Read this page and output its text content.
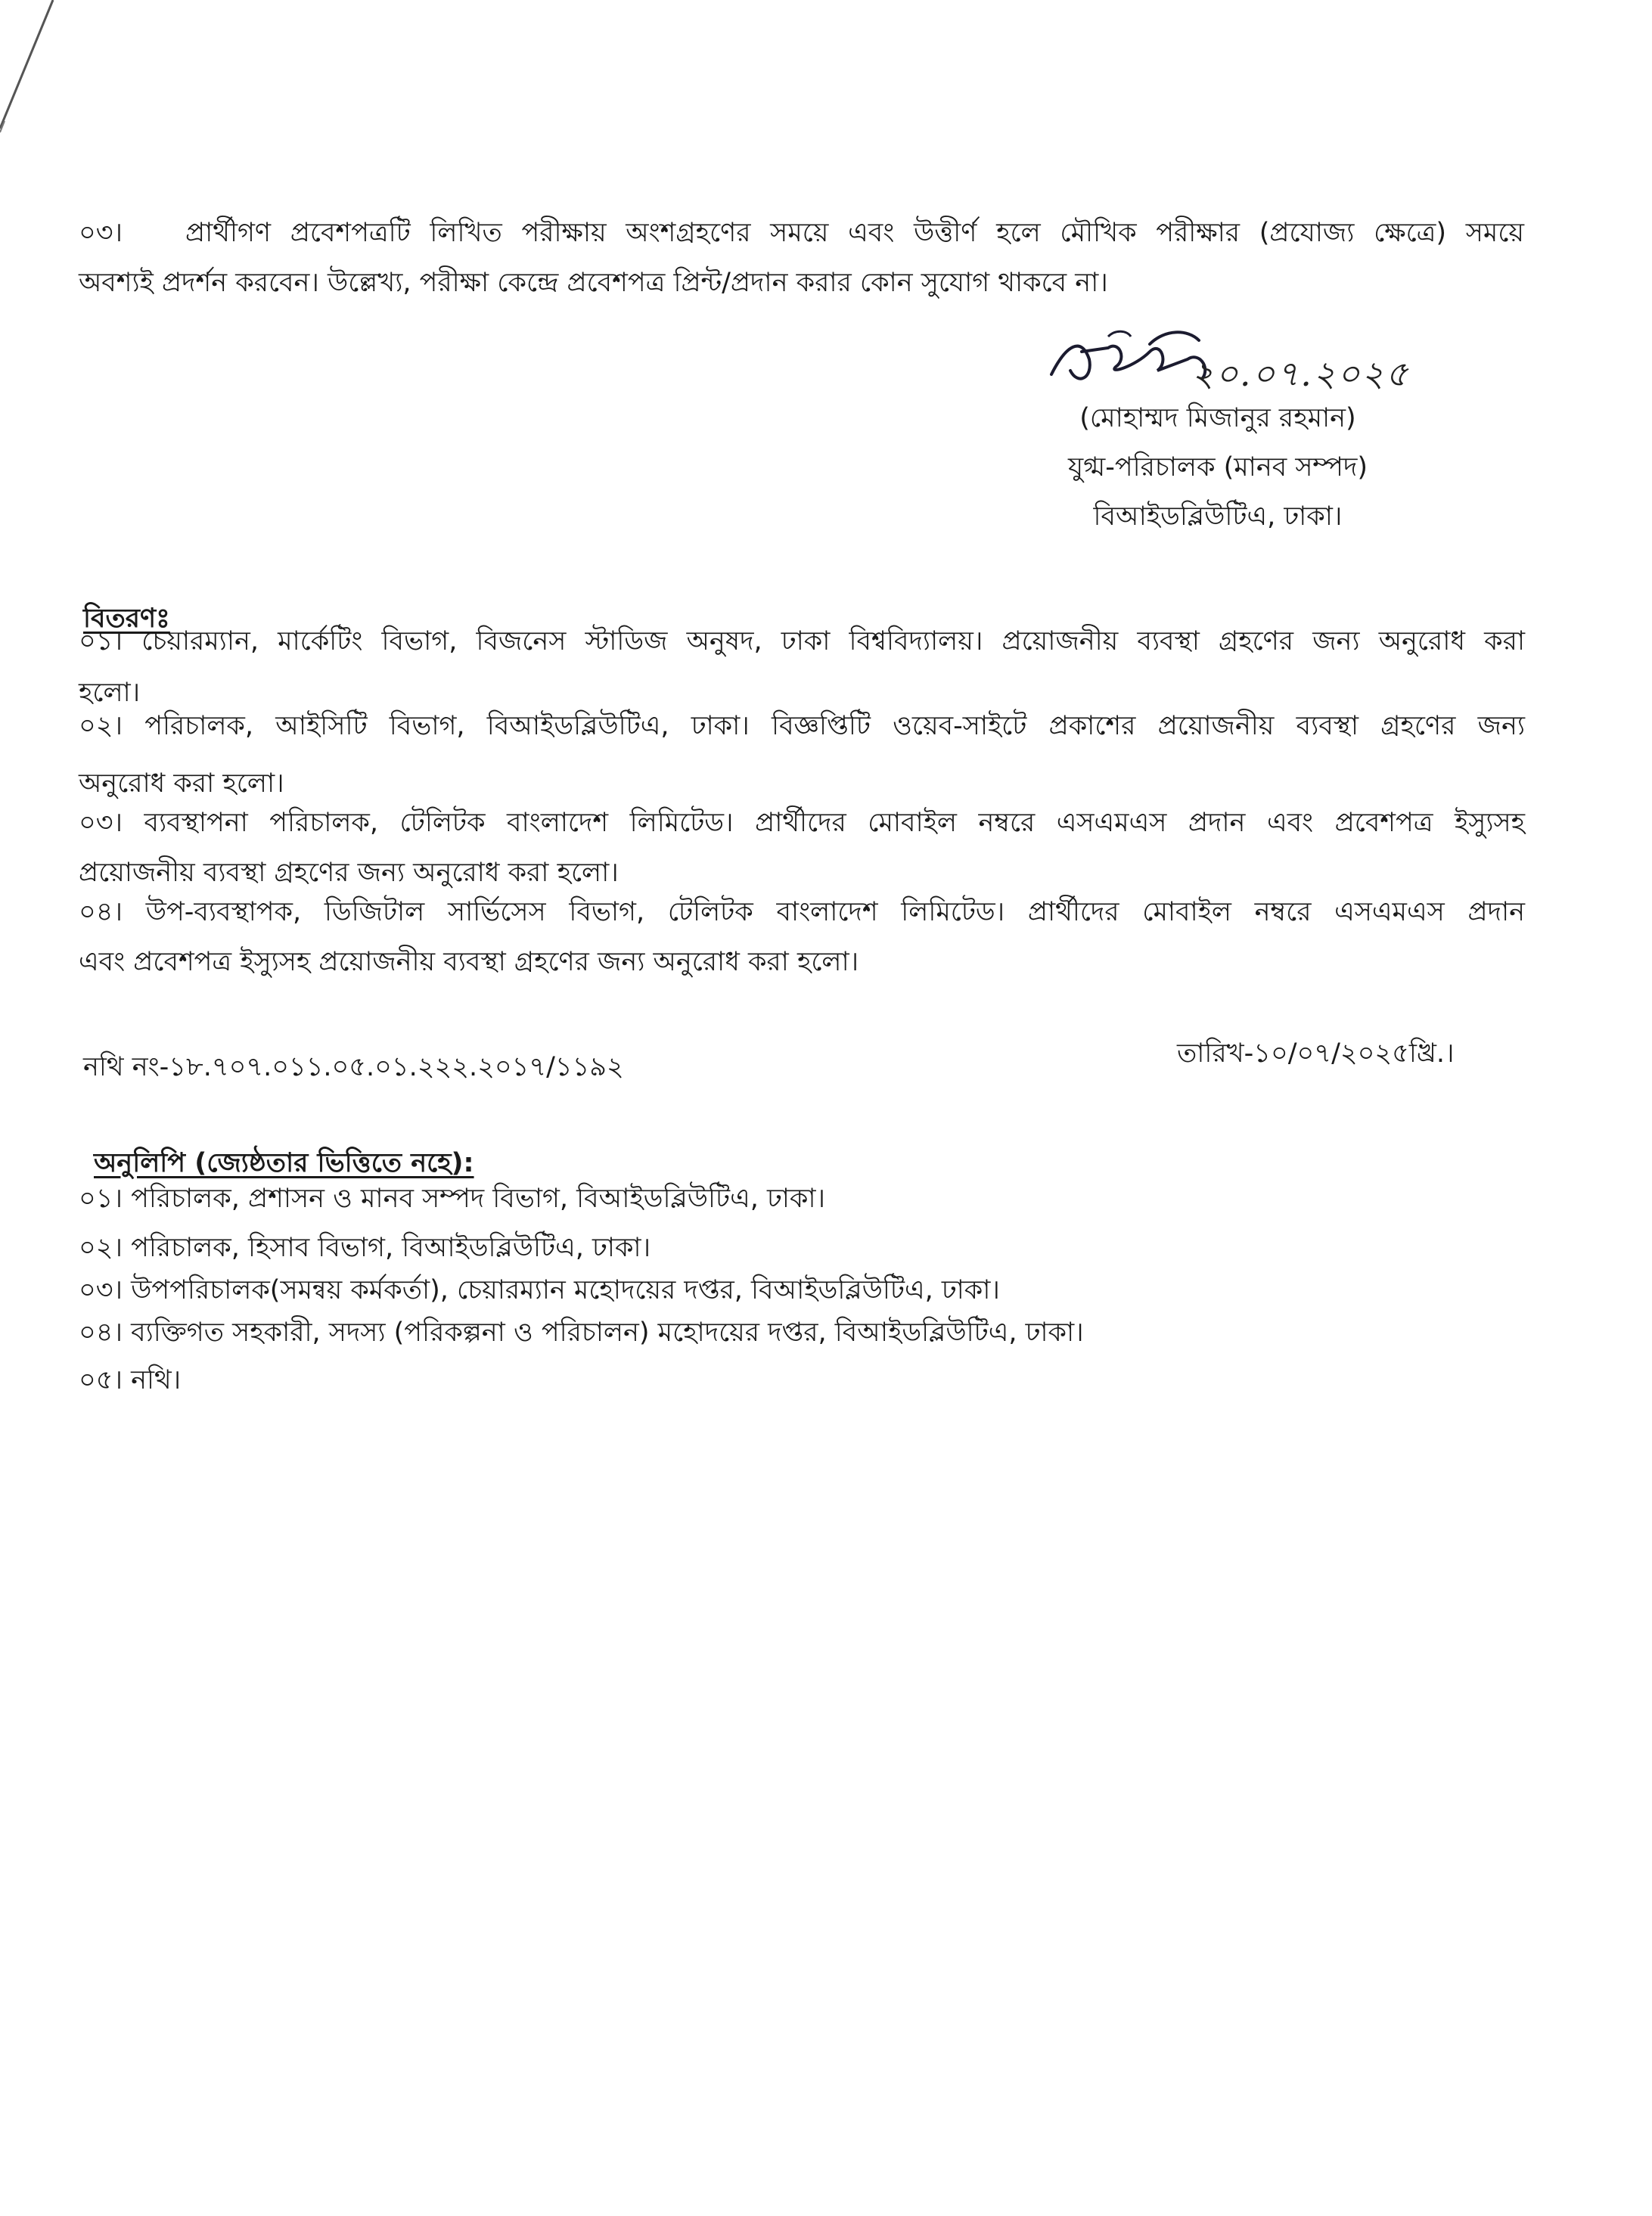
০৩। প্রার্থীগণ প্রবেশপত্রটি লিখিত পরীক্ষায় অংশগ্রহণের সময়ে এবং উত্তীর্ণ হলে মৌখিক পরীক্ষার (প্রযোজ্য ক্ষেত্রে) সময়ে
অবশ্যই প্রদর্শন করবেন। উল্লেখ্য, পরীক্ষা কেন্দ্রে প্রবেশপত্র প্রিন্ট/প্রদান করার কোন সুযোগ থাকবে না।
২০.০৭.২০২৫
(মোহাম্মদ মিজানুর রহমান)
যুগ্ম-পরিচালক (মানব সম্পদ)
বিআইডব্লিউটিএ, ঢাকা।
বিতরণঃ
০১। চেয়ারম্যান, মার্কেটিং বিভাগ, বিজনেস স্টাডিজ অনুষদ, ঢাকা বিশ্ববিদ্যালয়। প্রয়োজনীয় ব্যবস্থা গ্রহণের জন্য অনুরোধ করা
হলো।
০২। পরিচালক, আইসিটি বিভাগ, বিআইডব্লিউটিএ, ঢাকা। বিজ্ঞপ্তিটি ওয়েব-সাইটে প্রকাশের প্রয়োজনীয় ব্যবস্থা গ্রহণের জন্য
অনুরোধ করা হলো।
০৩। ব্যবস্থাপনা পরিচালক, টেলিটক বাংলাদেশ লিমিটেড। প্রার্থীদের মোবাইল নম্বরে এসএমএস প্রদান এবং প্রবেশপত্র ইস্যুসহ
প্রয়োজনীয় ব্যবস্থা গ্রহণের জন্য অনুরোধ করা হলো।
০৪। উপ-ব্যবস্থাপক, ডিজিটাল সার্ভিসেস বিভাগ, টেলিটক বাংলাদেশ লিমিটেড। প্রার্থীদের মোবাইল নম্বরে এসএমএস প্রদান
এবং প্রবেশপত্র ইস্যুসহ প্রয়োজনীয় ব্যবস্থা গ্রহণের জন্য অনুরোধ করা হলো।
নথি নং-১৮.৭০৭.০১১.০৫.০১.২২২.২০১৭/১১৯২	তারিখ-১০/০৭/২০২৫খ্রি.।
অনুলিপি (জ্যেষ্ঠতার ভিত্তিতে নহে):
০১। পরিচালক, প্রশাসন ও মানব সম্পদ বিভাগ, বিআইডব্লিউটিএ, ঢাকা।
০২। পরিচালক, হিসাব বিভাগ, বিআইডব্লিউটিএ, ঢাকা।
০৩। উপপরিচালক(সমন্বয় কর্মকর্তা), চেয়ারম্যান মহোদয়ের দপ্তর, বিআইডব্লিউটিএ, ঢাকা।
০৪। ব্যক্তিগত সহকারী, সদস্য (পরিকল্পনা ও পরিচালন) মহোদয়ের দপ্তর, বিআইডব্লিউটিএ, ঢাকা।
০৫। নথি।
